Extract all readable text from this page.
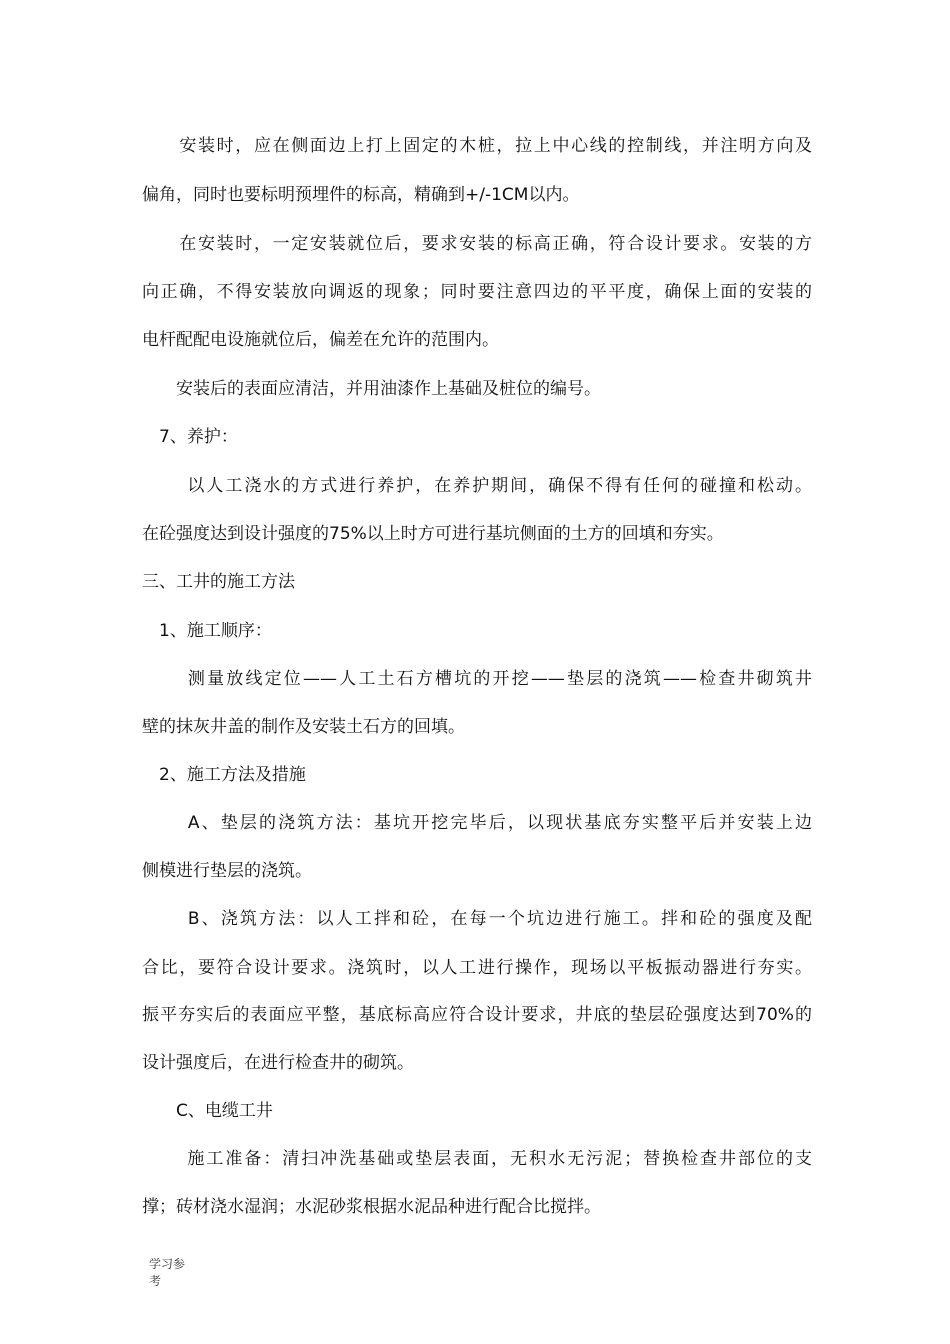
　　安装时，应在侧面边上打上固定的木桩，拉上中心线的控制线，并注明方向及
偏角，同时也要标明预埋件的标高，精确到+/-1CM以内。
　　在安装时，一定安装就位后，要求安装的标高正确，符合设计要求。安装的方
向正确，不得安装放向调返的现象；同时要注意四边的平平度，确保上面的安装的
电杆配配电设施就位后，偏差在允许的范围内。
　　安装后的表面应清洁，并用油漆作上基础及桩位的编号。
　7、养护：
　　 以人工浇水的方式进行养护，在养护期间，确保不得有任何的碰撞和松动。
在砼强度达到设计强度的75%以上时方可进行基坑侧面的土方的回填和夯实。
三、工井的施工方法
　1、施工顺序：
　　 测量放线定位——人工土石方槽坑的开挖——垫层的浇筑——检查井砌筑井
壁的抹灰井盖的制作及安装土石方的回填。
　2、施工方法及措施
　　 A、垫层的浇筑方法：基坑开挖完毕后，以现状基底夯实整平后并安装上边
侧模进行垫层的浇筑。
　　 B、浇筑方法：以人工拌和砼，在每一个坑边进行施工。拌和砼的强度及配
合比，要符合设计要求。浇筑时，以人工进行操作，现场以平板振动器进行夯实。
振平夯实后的表面应平整，基底标高应符合设计要求，井底的垫层砼强度达到70%的
设计强度后，在进行检查井的砌筑。
　　C、电缆工井
　　 施工准备：清扫冲洗基础或垫层表面，无积水无污泥；替换检查井部位的支
撑；砖材浇水湿润；水泥砂浆根据水泥品种进行配合比搅拌。
学习参
考
